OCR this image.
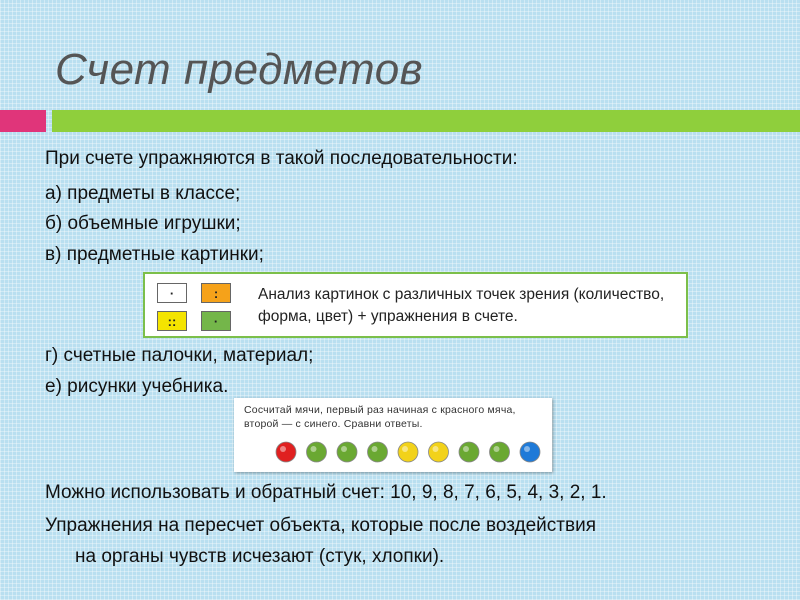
Счет предметов
При счете упражняются в такой последовательности:
а) предметы в классе;
б) объемные игрушки;
в) предметные картинки;
г) счетные палочки, материал;
е) рисунки учебника.
·	:
::	·
Анализ картинок с различных точек зрения (количество, форма, цвет) + упражнения в счете.
Сосчитай мячи, первый раз начиная с красного мяча, второй — с синего. Сравни ответы.
Можно использовать и обратный счет: 10, 9, 8, 7, 6, 5, 4, 3, 2, 1.
Упражнения на пересчет объекта, которые после воздействия
на органы чувств исчезают (стук, хлопки).
